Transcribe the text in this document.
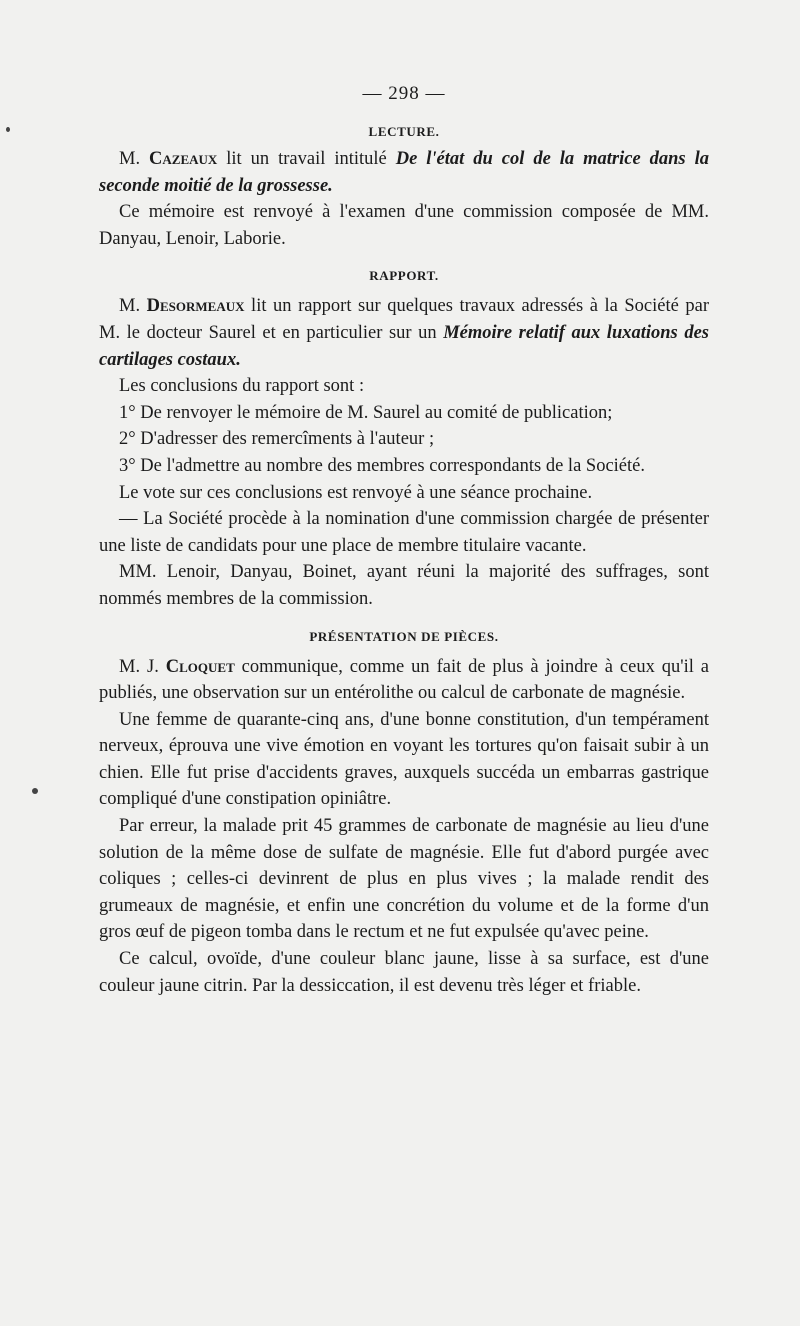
— 298 —
LECTURE.

M. Cazeaux lit un travail intitulé De l'état du col de la matrice dans la seconde moitié de la grossesse.

Ce mémoire est renvoyé à l'examen d'une commission composée de MM. Danyau, Lenoir, Laborie.

RAPPORT.

M. Desormeaux lit un rapport sur quelques travaux adressés à la Société par M. le docteur Saurel et en particulier sur un Mémoire relatif aux luxations des cartilages costaux.

Les conclusions du rapport sont :

1° De renvoyer le mémoire de M. Saurel au comité de publication;

2° D'adresser des remercîments à l'auteur ;

3° De l'admettre au nombre des membres correspondants de la Société.

Le vote sur ces conclusions est renvoyé à une séance prochaine.

— La Société procède à la nomination d'une commission chargée de présenter une liste de candidats pour une place de membre titulaire vacante.

MM. Lenoir, Danyau, Boinet, ayant réuni la majorité des suffrages, sont nommés membres de la commission.

PRÉSENTATION DE PIÈCES.

M. J. Cloquet communique, comme un fait de plus à joindre à ceux qu'il a publiés, une observation sur un entérolithe ou calcul de carbonate de magnésie.

Une femme de quarante-cinq ans, d'une bonne constitution, d'un tempérament nerveux, éprouva une vive émotion en voyant les tortures qu'on faisait subir à un chien. Elle fut prise d'accidents graves, auxquels succéda un embarras gastrique compliqué d'une constipation opiniâtre.

Par erreur, la malade prit 45 grammes de carbonate de magnésie au lieu d'une solution de la même dose de sulfate de magnésie. Elle fut d'abord purgée avec coliques ; celles-ci devinrent de plus en plus vives ; la malade rendit des grumeaux de magnésie, et enfin une concrétion du volume et de la forme d'un gros œuf de pigeon tomba dans le rectum et ne fut expulsée qu'avec peine.

Ce calcul, ovoïde, d'une couleur blanc jaune, lisse à sa surface, est d'une couleur jaune citrin. Par la dessiccation, il est devenu très léger et friable.
